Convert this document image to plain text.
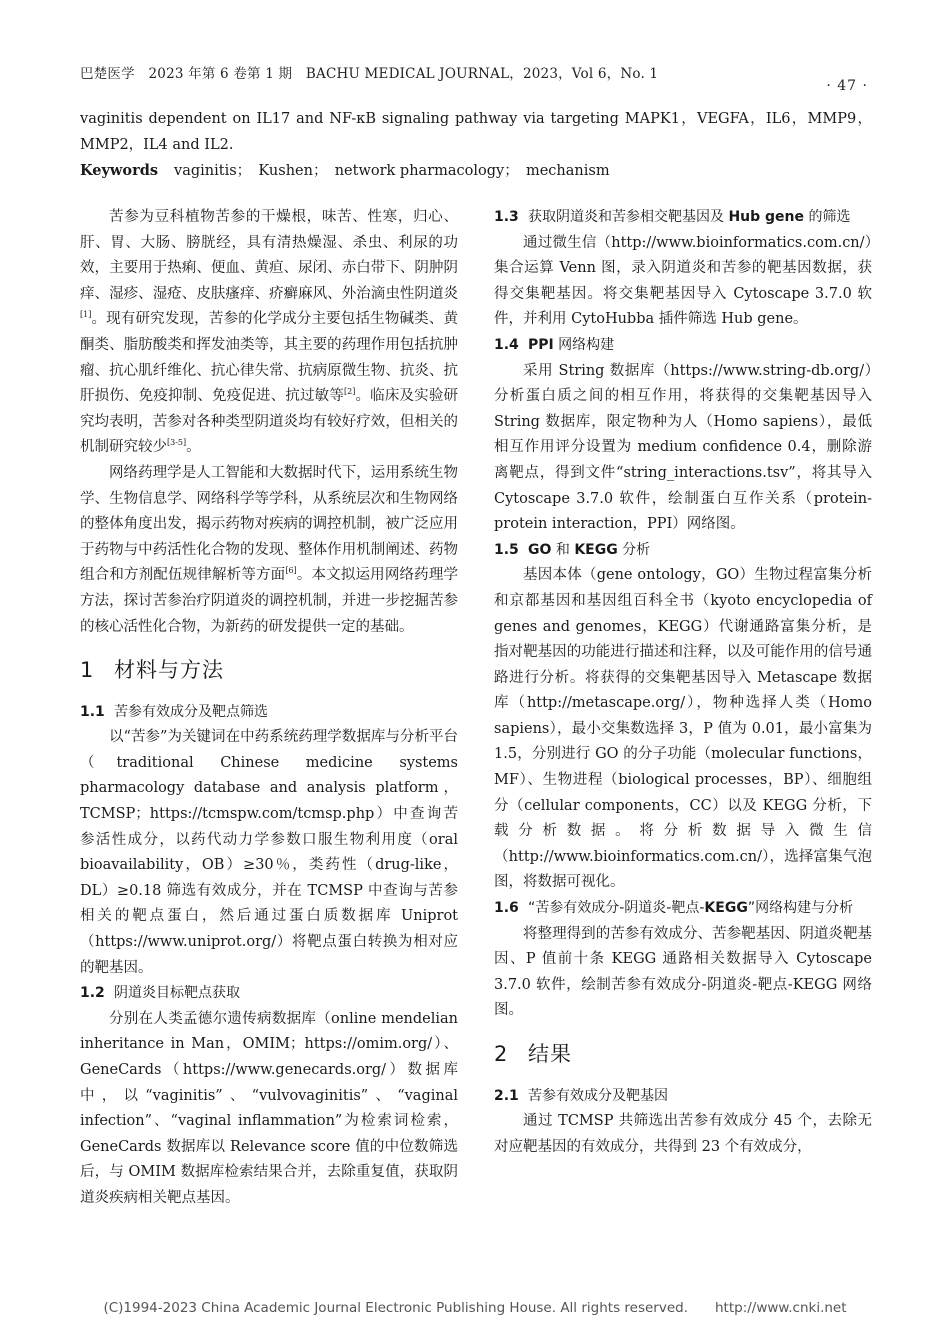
巴楚医学　2023 年第 6 卷第 1 期　BACHU MEDICAL JOURNAL，2023，Vol 6，No. 1
· 47 ·
vaginitis dependent on IL17 and NF-κB signaling pathway via targeting MAPK1，VEGFA，IL6，MMP9，MMP2，IL4 and IL2.
Keywords vaginitis；　Kushen；　network pharmacology；　mechanism

苦参为豆科植物苦参的干燥根，味苦、性寒，归心、肝、胃、大肠、膀胱经，具有清热燥湿、杀虫、利尿的功效，主要用于热痢、便血、黄疸、尿闭、赤白带下、阴肿阴痒、湿疹、湿疮、皮肤瘙痒、疥癣麻风、外治滴虫性阴道炎[1]。现有研究发现，苦参的化学成分主要包括生物碱类、黄酮类、脂肪酸类和挥发油类等，其主要的药理作用包括抗肿瘤、抗心肌纤维化、抗心律失常、抗病原微生物、抗炎、抗肝损伤、免疫抑制、免疫促进、抗过敏等[2]。临床及实验研究均表明，苦参对各种类型阴道炎均有较好疗效，但相关的机制研究较少[3-5]。

网络药理学是人工智能和大数据时代下，运用系统生物学、生物信息学、网络科学等学科，从系统层次和生物网络的整体角度出发，揭示药物对疾病的调控机制，被广泛应用于药物与中药活性化合物的发现、整体作用机制阐述、药物组合和方剂配伍规律解析等方面[6]。本文拟运用网络药理学方法，探讨苦参治疗阴道炎的调控机制，并进一步挖掘苦参的核心活性化合物，为新药的研发提供一定的基础。

1 材料与方法
1.1 苦参有效成分及靶点筛选

以“苦参”为关键词在中药系统药理学数据库与分析平台（traditional Chinese medicine systems pharmacology database and analysis platform，TCMSP；https://tcmspw.com/tcmsp.php）中查询苦参活性成分，以药代动力学参数口服生物利用度（oral bioavailability，OB）≥30％，类药性（drug-like，DL）≥0.18 筛选有效成分，并在 TCMSP 中查询与苦参相关的靶点蛋白，然后通过蛋白质数据库 Uniprot（https://www.uniprot.org/）将靶点蛋白转换为相对应的靶基因。

1.2 阴道炎目标靶点获取

分别在人类孟德尔遗传病数据库（online mendelian inheritance in Man，OMIM；https://omim.org/）、GeneCards（https://www.genecards.org/）数据库中，以“vaginitis”、“vulvovaginitis”、“vaginal infection”、“vaginal inflammation”为检索词检索，GeneCards 数据库以 Relevance score 值的中位数筛选后，与 OMIM 数据库检索结果合并，去除重复值，获取阴道炎疾病相关靶点基因。

1.3 获取阴道炎和苦参相交靶基因及 Hub gene 的筛选

通过微生信（http://www.bioinformatics.com.cn/）集合运算 Venn 图，录入阴道炎和苦参的靶基因数据，获得交集靶基因。将交集靶基因导入 Cytoscape 3.7.0 软件，并利用 CytoHubba 插件筛选 Hub gene。

1.4 PPI 网络构建

采用 String 数据库（https://www.string-db.org/）分析蛋白质之间的相互作用，将获得的交集靶基因导入 String 数据库，限定物种为人（Homo sapiens），最低相互作用评分设置为 medium confidence 0.4，删除游离靶点，得到文件“string_interactions.tsv”，将其导入 Cytoscape 3.7.0 软件，绘制蛋白互作关系（protein-protein interaction，PPI）网络图。

1.5 GO 和 KEGG 分析

基因本体（gene ontology，GO）生物过程富集分析和京都基因和基因组百科全书（kyoto encyclopedia of genes and genomes，KEGG）代谢通路富集分析，是指对靶基因的功能进行描述和注释，以及可能作用的信号通路进行分析。将获得的交集靶基因导入 Metascape 数据库（http://metascape.org/），物种选择人类（Homo sapiens），最小交集数选择 3，P 值为 0.01，最小富集为 1.5，分别进行 GO 的分子功能（molecular functions，MF）、生物进程（biological processes，BP）、细胞组分（cellular components，CC）以及 KEGG 分析，下载分析数据。将分析数据导入微生信（http://www.bioinformatics.com.cn/），选择富集气泡图，将数据可视化。

1.6 “苦参有效成分-阴道炎-靶点-KEGG”网络构建与分析

将整理得到的苦参有效成分、苦参靶基因、阴道炎靶基因、P 值前十条 KEGG 通路相关数据导入 Cytoscape 3.7.0 软件，绘制苦参有效成分-阴道炎-靶点-KEGG 网络图。

2 结果
2.1 苦参有效成分及靶基因

通过 TCMSP 共筛选出苦参有效成分 45 个，去除无对应靶基因的有效成分，共得到 23 个有效成分，

(C)1994-2023 China Academic Journal Electronic Publishing House. All rights reserved.　　http://www.cnki.net
